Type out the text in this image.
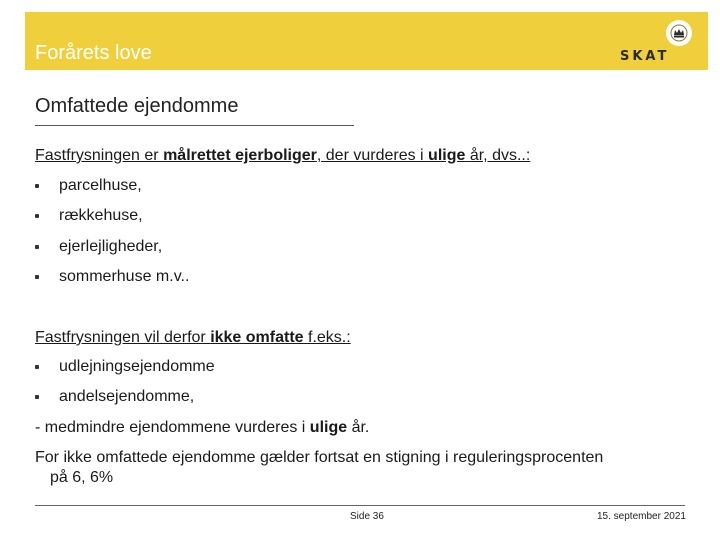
Forårets love	SKAT
Omfattede ejendomme
Fastfrysningen er målrettet ejerboliger, der vurderes i ulige år, dvs..:
parcelhuse,
rækkehuse,
ejerlejligheder,
sommerhuse m.v..
Fastfrysningen vil derfor ikke omfatte f.eks.:
udlejningsejendomme
andelsejendomme,
- medmindre ejendommene vurderes i ulige år.
For ikke omfattede ejendomme gælder fortsat en stigning i reguleringsprocenten
på 6, 6%
Side 36	15. september 2021
